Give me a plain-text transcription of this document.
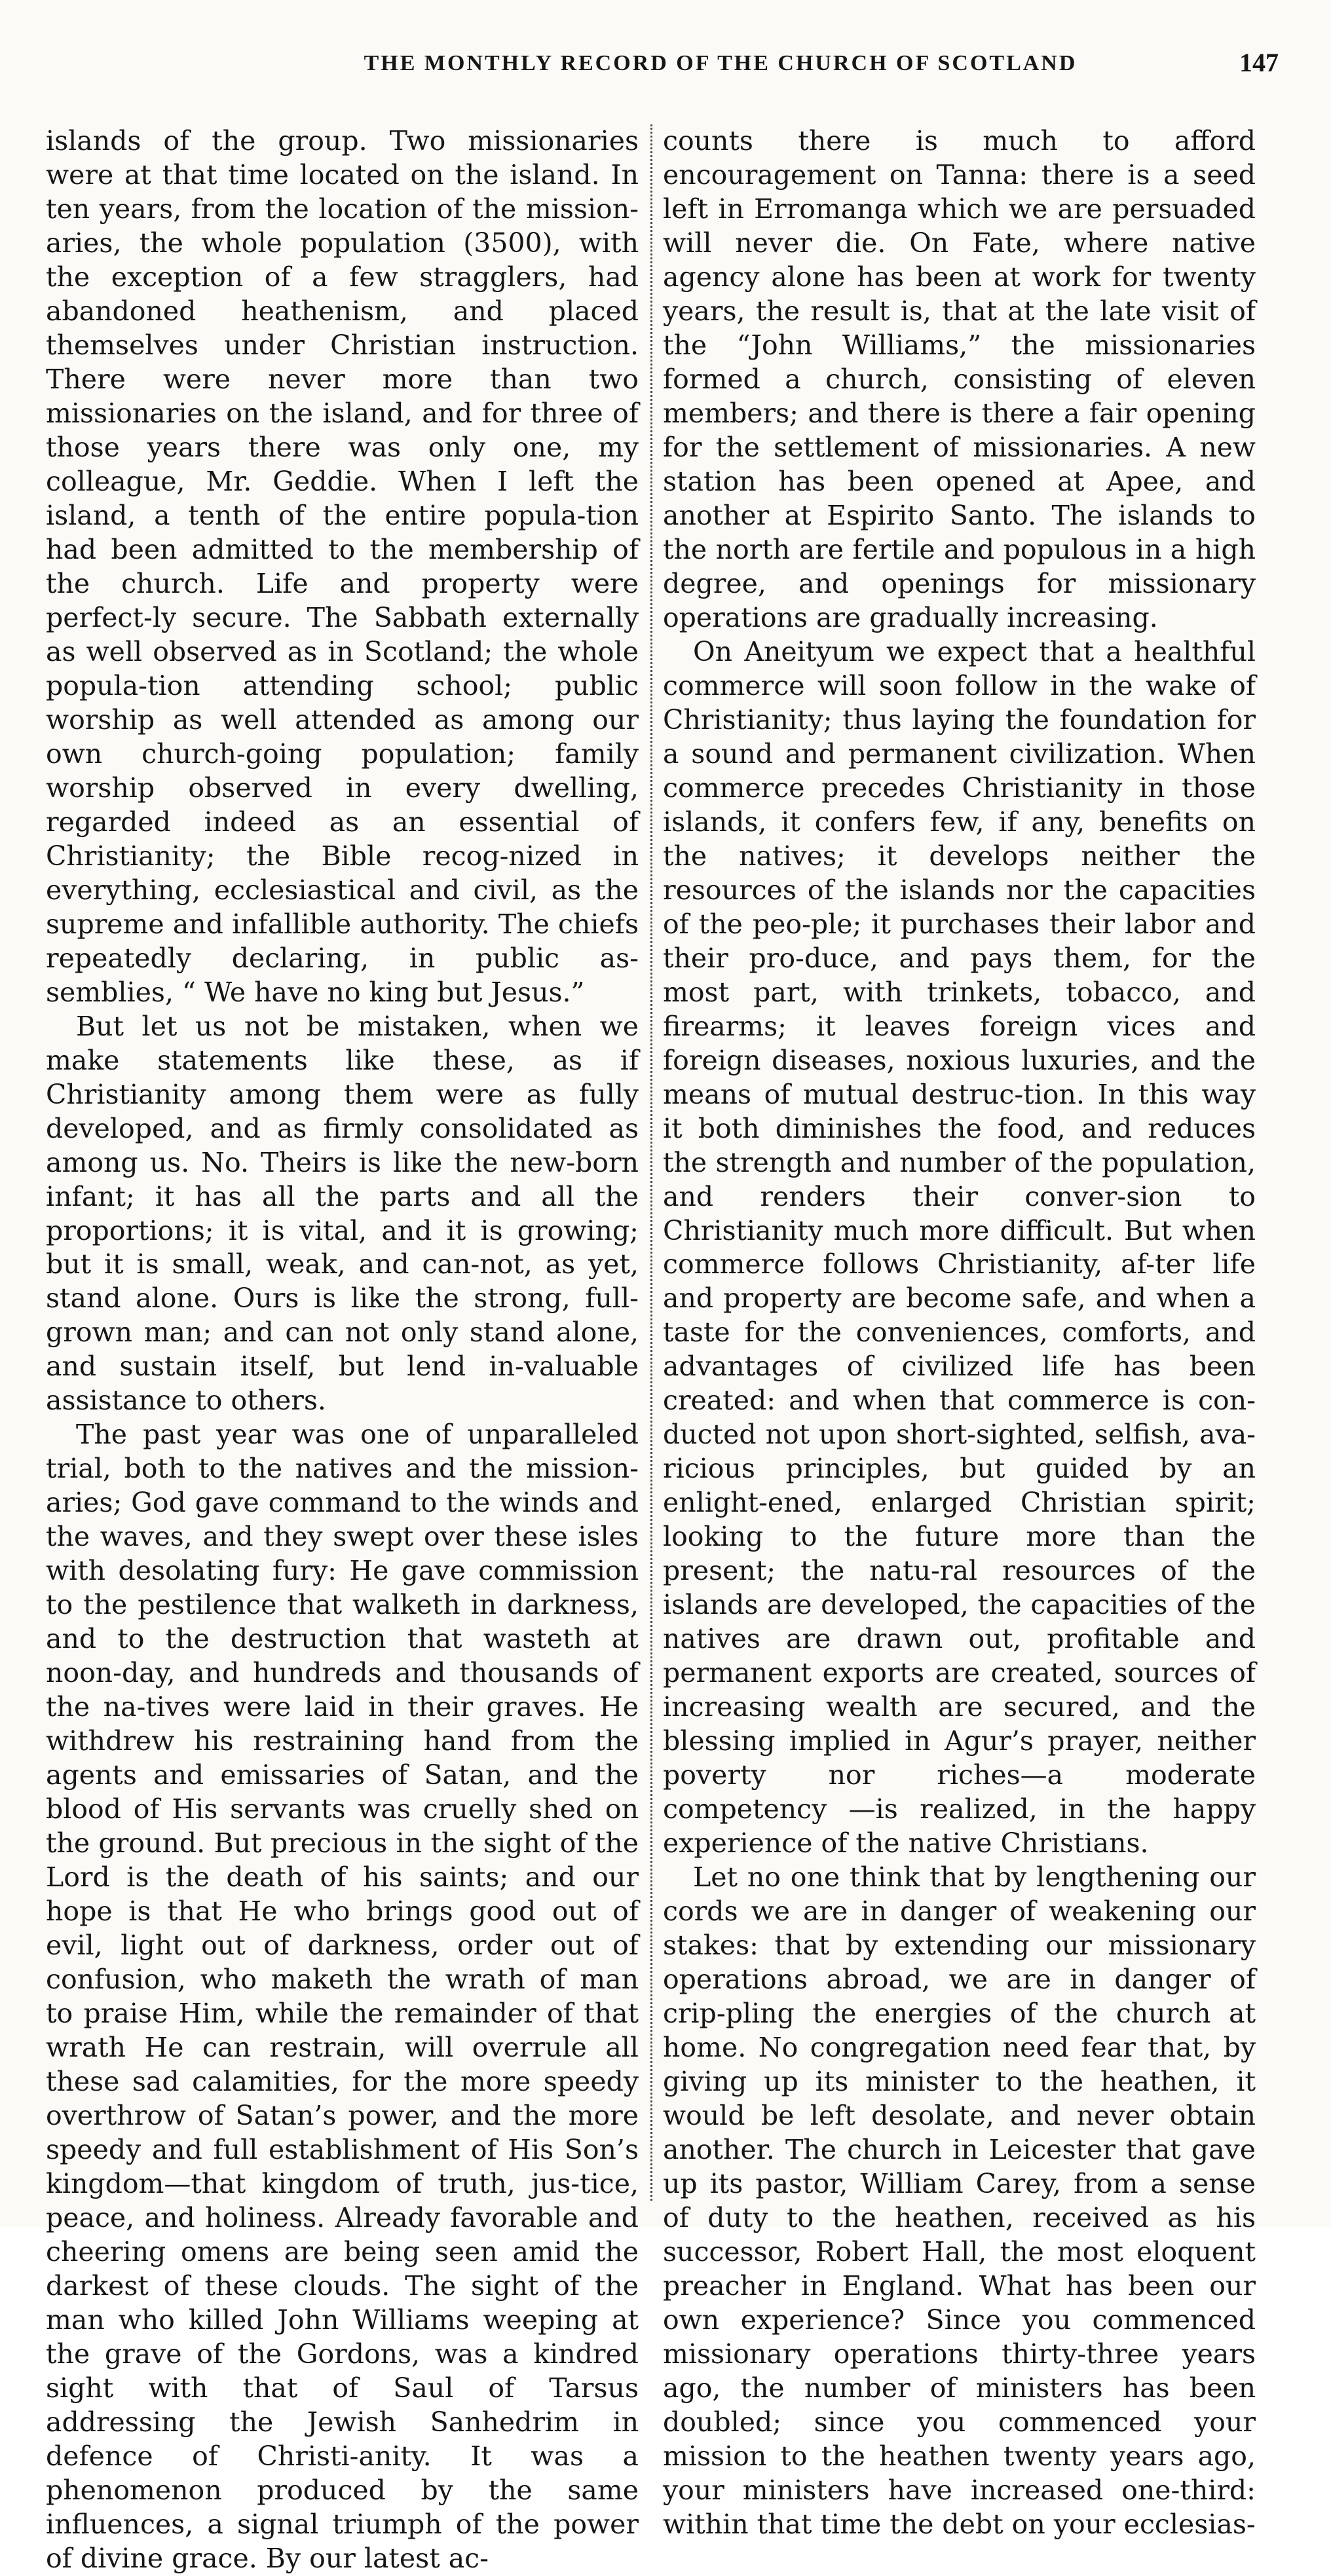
THE MONTHLY RECORD OF THE CHURCH OF SCOTLAND	147

islands of the group. Two missionaries were at that time located on the island. In ten years, from the location of the mission-aries, the whole population (3500), with the exception of a few stragglers, had abandoned heathenism, and placed themselves under Christian instruction. There were never more than two missionaries on the island, and for three of those years there was only one, my colleague, Mr. Geddie. When I left the island, a tenth of the entire popula-tion had been admitted to the membership of the church. Life and property were perfect-ly secure. The Sabbath externally as well observed as in Scotland; the whole popula-tion attending school; public worship as well attended as among our own church-going population; family worship observed in every dwelling, regarded indeed as an essential of Christianity; the Bible recog-nized in everything, ecclesiastical and civil, as the supreme and infallible authority. The chiefs repeatedly declaring, in public as-semblies, “ We have no king but Jesus.”

But let us not be mistaken, when we make statements like these, as if Christianity among them were as fully developed, and as firmly consolidated as among us. No. Theirs is like the new-born infant; it has all the parts and all the proportions; it is vital, and it is growing; but it is small, weak, and can-not, as yet, stand alone. Ours is like the strong, full-grown man; and can not only stand alone, and sustain itself, but lend in-valuable assistance to others.

The past year was one of unparalleled trial, both to the natives and the mission-aries; God gave command to the winds and the waves, and they swept over these isles with desolating fury: He gave commission to the pestilence that walketh in darkness, and to the destruction that wasteth at noon-day, and hundreds and thousands of the na-tives were laid in their graves. He withdrew his restraining hand from the agents and emissaries of Satan, and the blood of His servants was cruelly shed on the ground. But precious in the sight of the Lord is the death of his saints; and our hope is that He who brings good out of evil, light out of darkness, order out of confusion, who maketh the wrath of man to praise Him, while the remainder of that wrath He can restrain, will overrule all these sad calamities, for the more speedy overthrow of Satan’s power, and the more speedy and full establishment of His Son’s kingdom—that kingdom of truth, jus-tice, peace, and holiness. Already favorable and cheering omens are being seen amid the darkest of these clouds. The sight of the man who killed John Williams weeping at the grave of the Gordons, was a kindred sight with that of Saul of Tarsus addressing the Jewish Sanhedrim in defence of Christi-anity. It was a phenomenon produced by the same influences, a signal triumph of the power of divine grace. By our latest ac-

counts there is much to afford encouragement on Tanna: there is a seed left in Erromanga which we are persuaded will never die. On Fate, where native agency alone has been at work for twenty years, the result is, that at the late visit of the “John Williams,” the missionaries formed a church, consisting of eleven members; and there is there a fair opening for the settlement of missionaries. A new station has been opened at Apee, and another at Espirito Santo. The islands to the north are fertile and populous in a high degree, and openings for missionary operations are gradually increasing.

On Aneityum we expect that a healthful commerce will soon follow in the wake of Christianity; thus laying the foundation for a sound and permanent civilization. When commerce precedes Christianity in those islands, it confers few, if any, benefits on the natives; it develops neither the resources of the islands nor the capacities of the peo-ple; it purchases their labor and their pro-duce, and pays them, for the most part, with trinkets, tobacco, and firearms; it leaves foreign vices and foreign diseases, noxious luxuries, and the means of mutual destruc-tion. In this way it both diminishes the food, and reduces the strength and number of the population, and renders their conver-sion to Christianity much more difficult. But when commerce follows Christianity, af-ter life and property are become safe, and when a taste for the conveniences, comforts, and advantages of civilized life has been created: and when that commerce is con-ducted not upon short-sighted, selfish, ava-ricious principles, but guided by an enlight-ened, enlarged Christian spirit; looking to the future more than the present; the natu-ral resources of the islands are developed, the capacities of the natives are drawn out, profitable and permanent exports are created, sources of increasing wealth are secured, and the blessing implied in Agur’s prayer, neither poverty nor riches—a moderate competency —is realized, in the happy experience of the native Christians.

Let no one think that by lengthening our cords we are in danger of weakening our stakes: that by extending our missionary operations abroad, we are in danger of crip-pling the energies of the church at home. No congregation need fear that, by giving up its minister to the heathen, it would be left desolate, and never obtain another. The church in Leicester that gave up its pastor, William Carey, from a sense of duty to the heathen, received as his successor, Robert Hall, the most eloquent preacher in England. What has been our own experience? Since you commenced missionary operations thirty-three years ago, the number of ministers has been doubled; since you commenced your mission to the heathen twenty years ago, your ministers have increased one-third: within that time the debt on your ecclesias-
